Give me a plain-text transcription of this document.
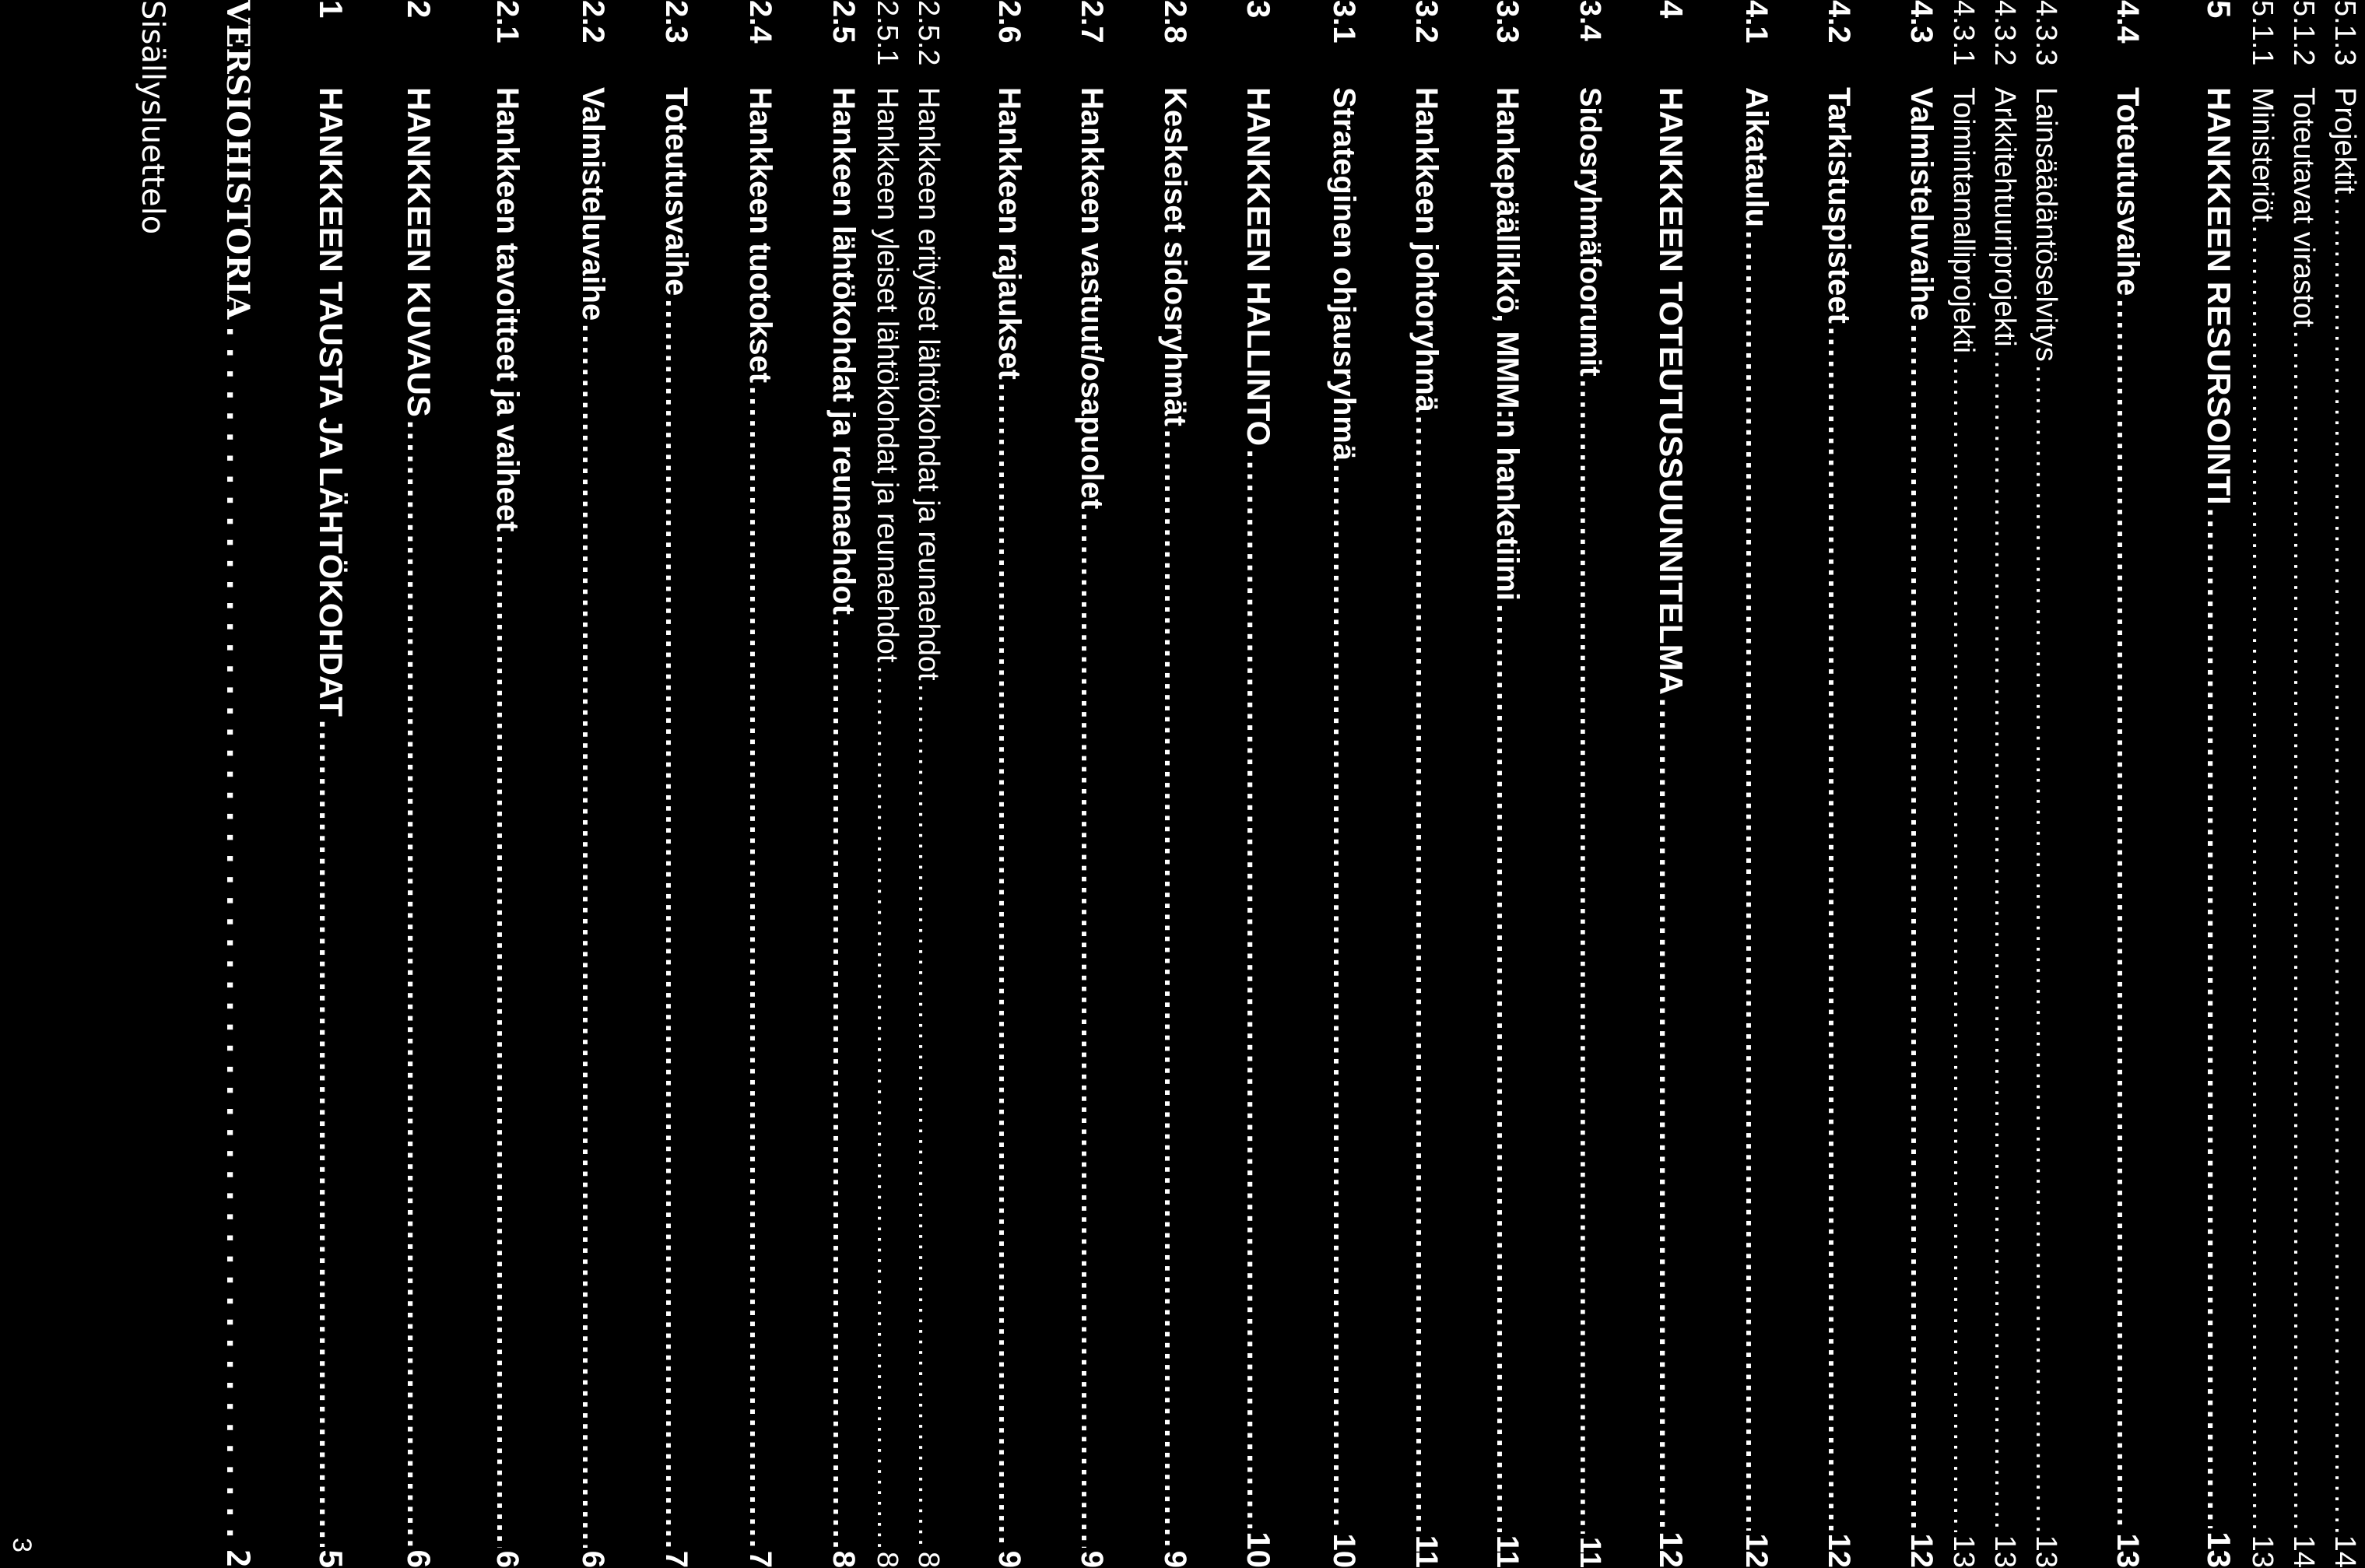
3
VERSIOHISTORIA
.....
2
1
HANKKEEN TAUSTA JA LÄHTÖKOHDAT
.....
5
2
HANKKEEN KUVAUS
.....
6
2.1
Hankkeen tavoitteet ja vaiheet
.....
6
2.2
Valmisteluvaihe
.....
6
2.3
Toteutusvaihe
.....
7
2.4
Hankkeen tuotokset
.....
7
2.5
Hankeen lähtökohdat ja reunaehdot
.....
8
2.5.1
Hankkeen yleiset lähtökohdat ja reunaehdot
.....
8
2.5.2
Hankkeen erityiset lähtökohdat ja reunaehdot
.....
8
2.6
Hankkeen rajaukset
.....
9
2.7
Hankkeen vastuut/osapuolet
.....
9
2.8
Keskeiset sidosryhmät
.....
9
3
HANKKEEN HALLINTO
.....
10
3.1
Strateginen ohjausryhmä
.....
10
3.2
Hankkeen johtoryhmä
.....
11
3.3
Hankepäällikkö, MMM:n hanketiimi
.....
11
3.4
Sidosryhmäfoorumit
.....
11
4
HANKKEEN TOTEUTUSSUUNNITELMA
.....
12
4.1
Aikataulu
.....
12
4.2
Tarkistuspisteet
.....
12
4.3
Valmisteluvaihe
.....
12
4.3.1
Toimintamalliprojekti
.....
13
4.3.2
Arkkitehtuuriprojekti
.....
13
4.3.3
Lainsäädäntöselvitys
.....
13
4.4
Toteutusvaihe
.....
13
5
HANKKEEN RESURSOINTI
.....
13
5.1.1
Ministeriöt
.....
13
5.1.2
Toteutavat virastot
.....
14
5.1.3
Projektit
.....
14
Sisällysluettelo
